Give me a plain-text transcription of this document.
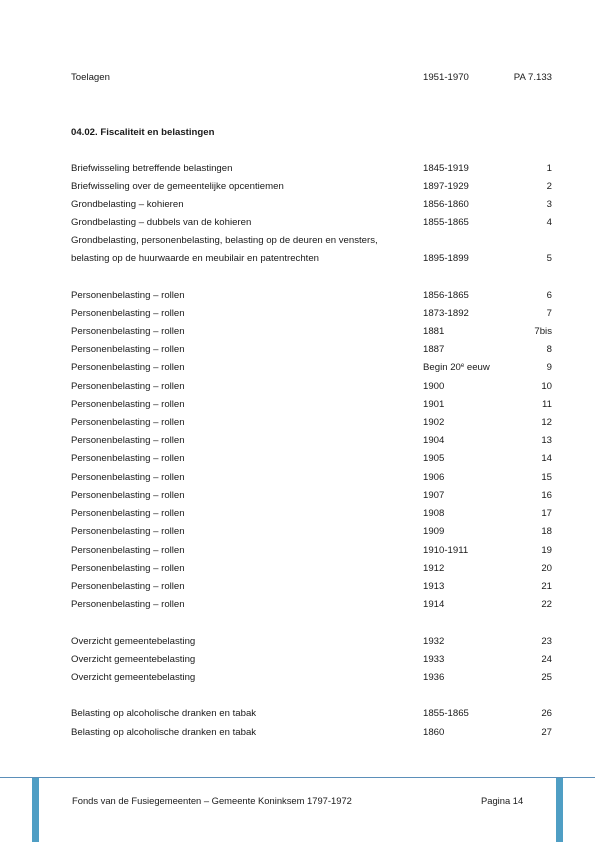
Toelagen	1951-1970	PA 7.133
04.02. Fiscaliteit en belastingen
Briefwisseling betreffende belastingen	1845-1919	1
Briefwisseling over de gemeentelijke opcentiemen	1897-1929	2
Grondbelasting – kohieren	1856-1860	3
Grondbelasting – dubbels van de kohieren	1855-1865	4
Grondbelasting, personenbelasting, belasting op de deuren en vensters,
belasting op de huurwaarde en meubilair en patentrechten	1895-1899	5
Personenbelasting – rollen	1856-1865	6
Personenbelasting – rollen	1873-1892	7
Personenbelasting – rollen	1881	7bis
Personenbelasting – rollen	1887	8
Personenbelasting – rollen	Begin 20e eeuw	9
Personenbelasting – rollen	1900	10
Personenbelasting – rollen	1901	11
Personenbelasting – rollen	1902	12
Personenbelasting – rollen	1904	13
Personenbelasting – rollen	1905	14
Personenbelasting – rollen	1906	15
Personenbelasting – rollen	1907	16
Personenbelasting – rollen	1908	17
Personenbelasting – rollen	1909	18
Personenbelasting – rollen	1910-1911	19
Personenbelasting – rollen	1912	20
Personenbelasting – rollen	1913	21
Personenbelasting – rollen	1914	22
Overzicht gemeentebelasting	1932	23
Overzicht gemeentebelasting	1933	24
Overzicht gemeentebelasting	1936	25
Belasting op alcoholische dranken en tabak	1855-1865	26
Belasting op alcoholische dranken en tabak	1860	27
Fonds van de Fusiegemeenten – Gemeente Koninksem 1797-1972	Pagina 14
